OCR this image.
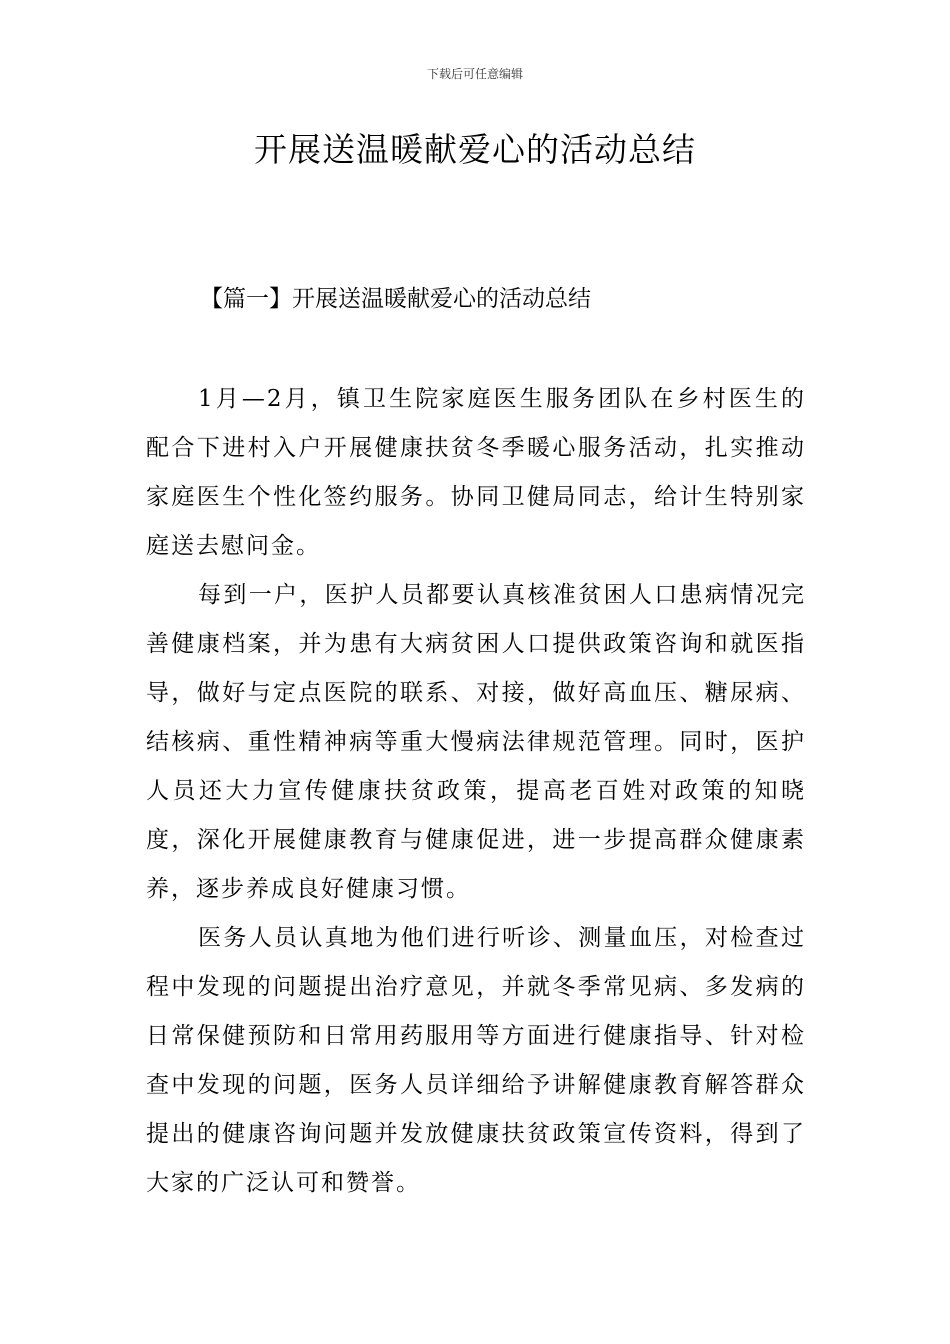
下载后可任意编辑
开展送温暖献爱心的活动总结
【篇一】开展送温暖献爱心的活动总结

1月—2月，镇卫生院家庭医生服务团队在乡村医生的配合下进村入户开展健康扶贫冬季暖心服务活动，扎实推动家庭医生个性化签约服务。协同卫健局同志，给计生特别家庭送去慰问金。

每到一户，医护人员都要认真核准贫困人口患病情况完善健康档案，并为患有大病贫困人口提供政策咨询和就医指导，做好与定点医院的联系、对接，做好高血压、糖尿病、结核病、重性精神病等重大慢病法律规范管理。同时，医护人员还大力宣传健康扶贫政策，提高老百姓对政策的知晓度，深化开展健康教育与健康促进，进一步提高群众健康素养，逐步养成良好健康习惯。

医务人员认真地为他们进行听诊、测量血压，对检查过程中发现的问题提出治疗意见，并就冬季常见病、多发病的日常保健预防和日常用药服用等方面进行健康指导、针对检查中发现的问题，医务人员详细给予讲解健康教育解答群众提出的健康咨询问题并发放健康扶贫政策宣传资料，得到了大家的广泛认可和赞誉。
